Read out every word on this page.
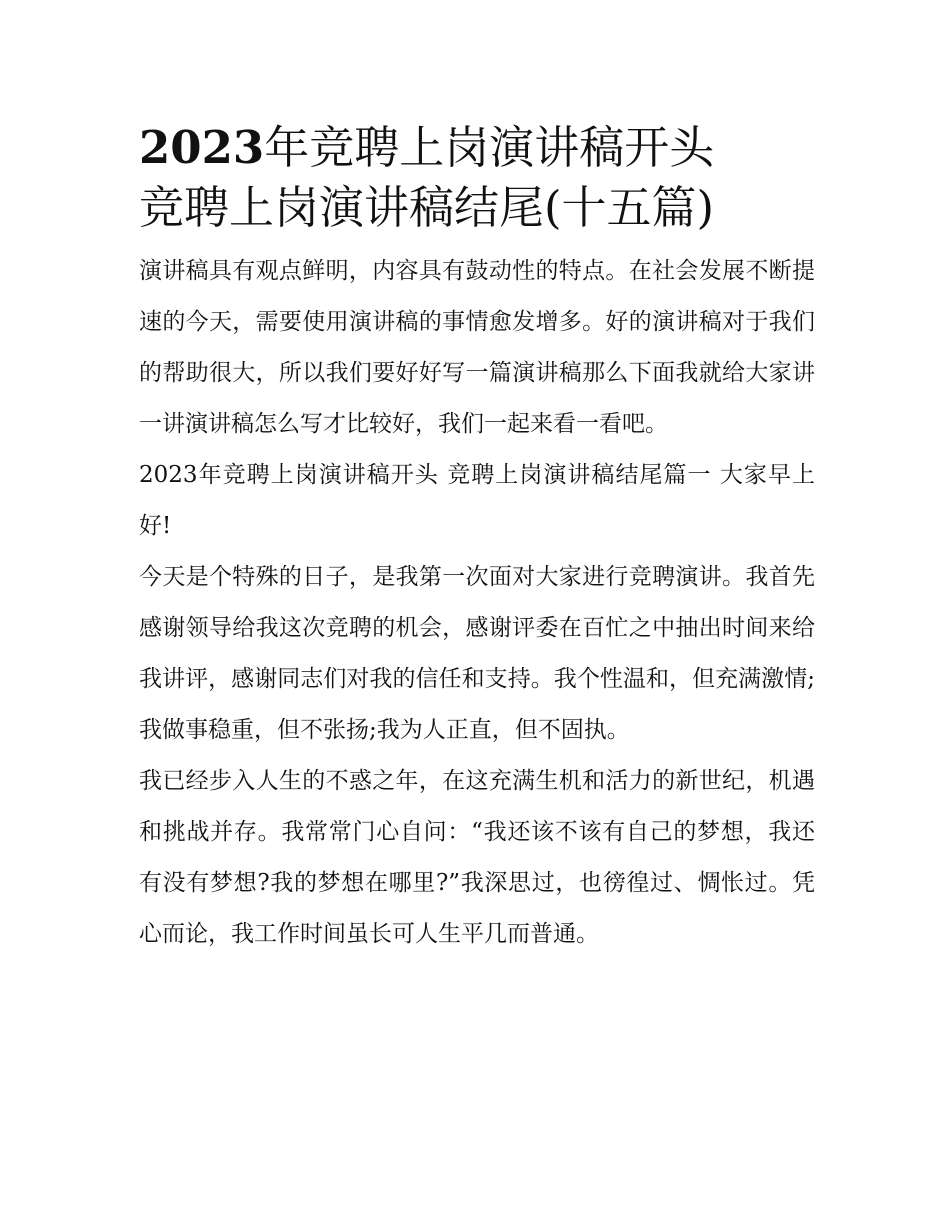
2023年竞聘上岗演讲稿开头
竞聘上岗演讲稿结尾(十五篇)

演讲稿具有观点鲜明，内容具有鼓动性的特点。在社会发展不断提速的今天，需要使用演讲稿的事情愈发增多。好的演讲稿对于我们的帮助很大，所以我们要好好写一篇演讲稿那么下面我就给大家讲一讲演讲稿怎么写才比较好，我们一起来看一看吧。

2023年竞聘上岗演讲稿开头 竞聘上岗演讲稿结尾篇一 大家早上好!

今天是个特殊的日子，是我第一次面对大家进行竞聘演讲。我首先感谢领导给我这次竞聘的机会，感谢评委在百忙之中抽出时间来给我讲评，感谢同志们对我的信任和支持。我个性温和，但充满激情;我做事稳重，但不张扬;我为人正直，但不固执。

我已经步入人生的不惑之年，在这充满生机和活力的新世纪，机遇和挑战并存。我常常门心自问：“我还该不该有自己的梦想，我还有没有梦想?我的梦想在哪里?”我深思过，也徬徨过、惆怅过。凭心而论，我工作时间虽长可人生平几而普通。
